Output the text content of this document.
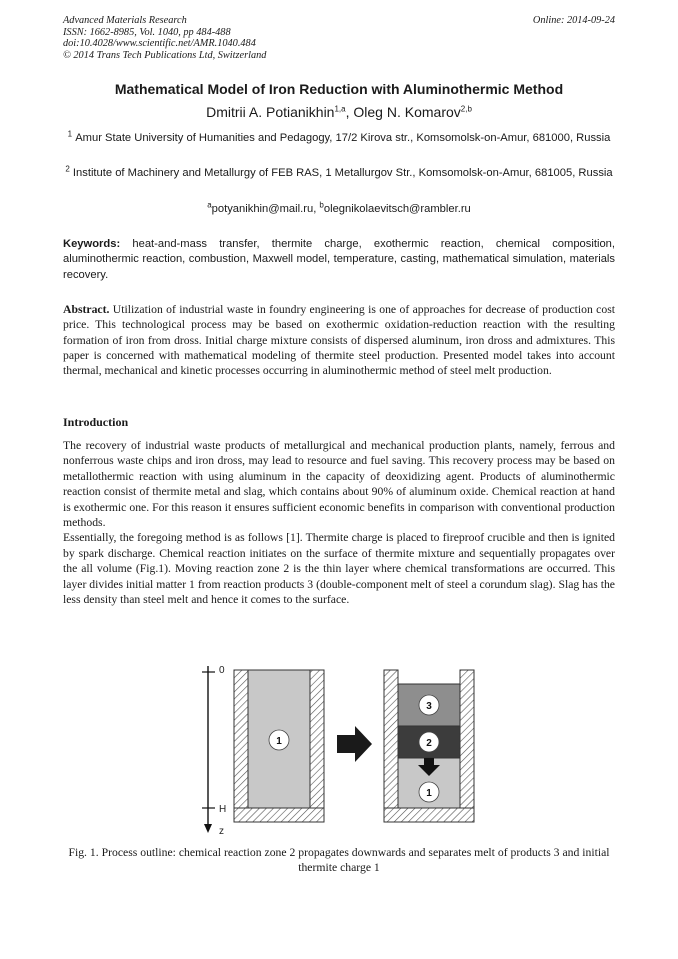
Advanced Materials Research
ISSN: 1662-8985, Vol. 1040, pp 484-488
doi:10.4028/www.scientific.net/AMR.1040.484
© 2014 Trans Tech Publications Ltd, Switzerland
Online: 2014-09-24
Mathematical Model of Iron Reduction with Aluminothermic Method
Dmitrii A. Potianikhin$^{1,a}$, Oleg N. Komarov$^{2,b}$
$^1$ Amur State University of Humanities and Pedagogy, 17/2 Kirova str., Komsomolsk-on-Amur, 681000, Russia
$^2$ Institute of Machinery and Metallurgy of FEB RAS, 1 Metallurgov Str., Komsomolsk-on-Amur, 681005, Russia
$^a$potyanikhin@mail.ru, $^b$olegnikolaevitsch@rambler.ru
Keywords: heat-and-mass transfer, thermite charge, exothermic reaction, chemical composition, aluminothermic reaction, combustion, Maxwell model, temperature, casting, mathematical simulation, materials recovery.
Abstract. Utilization of industrial waste in foundry engineering is one of approaches for decrease of production cost price. This technological process may be based on exothermic oxidation-reduction reaction with the resulting formation of iron from dross. Initial charge mixture consists of dispersed aluminum, iron dross and admixtures. This paper is concerned with mathematical modeling of thermite steel production. Presented model takes into account thermal, mechanical and kinetic processes occurring in aluminothermic method of steel melt production.
Introduction

The recovery of industrial waste products of metallurgical and mechanical production plants, namely, ferrous and nonferrous waste chips and iron dross, may lead to resource and fuel saving. This recovery process may be based on metallothermic reaction with using aluminum in the capacity of deoxidizing agent. Products of aluminothermic reaction consist of thermite metal and slag, which contains about 90% of aluminum oxide. Chemical reaction at hand is exothermic one. For this reason it ensures sufficient economic benefits in comparison with conventional production methods.

Essentially, the foregoing method is as follows [1]. Thermite charge is placed to fireproof crucible and then is ignited by spark discharge. Chemical reaction initiates on the surface of thermite mixture and sequentially propagates over the all volume (Fig.1). Moving reaction zone 2 is the thin layer where chemical transformations are occurred. This layer divides initial matter 1 from reaction products 3 (double-component melt of steel a corundum slag). Slag has the less density than steel melt and hence it comes to the surface.

0
H
z
1
3
2
1
Fig. 1. Process outline: chemical reaction zone 2 propagates downwards and separates melt of products 3 and initial thermite charge 1
